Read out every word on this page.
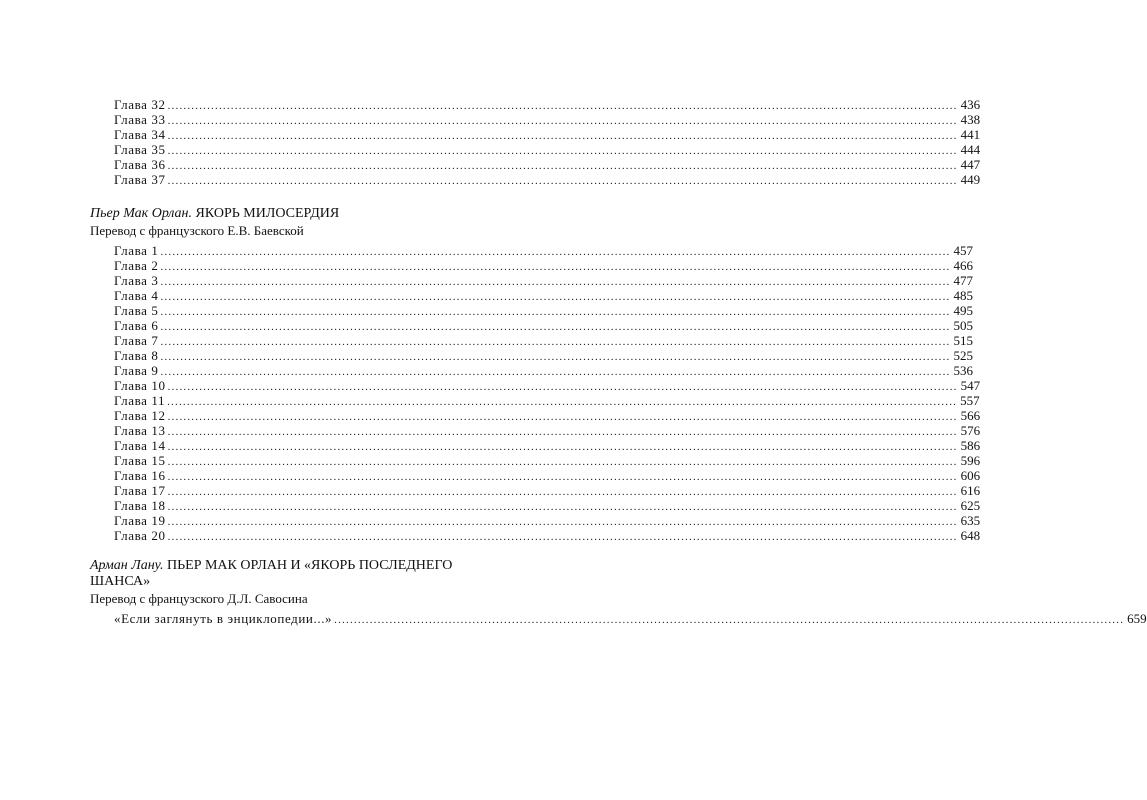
Глава 32 ........................................................................................................................................................................................................ 436
Глава 33 ........................................................................................................................................................................................................ 438
Глава 34 ........................................................................................................................................................................................................ 441
Глава 35 ........................................................................................................................................................................................................ 444
Глава 36 ........................................................................................................................................................................................................ 447
Глава 37 ........................................................................................................................................................................................................ 449
Пьер Мак Орлан. ЯКОРЬ МИЛОСЕРДИЯ
Перевод с французского Е.В. Баевской
Глава 1 ........................................................................................................................................................................................................ 457
Глава 2 ........................................................................................................................................................................................................ 466
Глава 3 ........................................................................................................................................................................................................ 477
Глава 4 ........................................................................................................................................................................................................ 485
Глава 5 ........................................................................................................................................................................................................ 495
Глава 6 ........................................................................................................................................................................................................ 505
Глава 7 ........................................................................................................................................................................................................ 515
Глава 8 ........................................................................................................................................................................................................ 525
Глава 9 ........................................................................................................................................................................................................ 536
Глава 10 ........................................................................................................................................................................................................ 547
Глава 11 ........................................................................................................................................................................................................ 557
Глава 12 ........................................................................................................................................................................................................ 566
Глава 13 ........................................................................................................................................................................................................ 576
Глава 14 ........................................................................................................................................................................................................ 586
Глава 15 ........................................................................................................................................................................................................ 596
Глава 16 ........................................................................................................................................................................................................ 606
Глава 17 ........................................................................................................................................................................................................ 616
Глава 18 ........................................................................................................................................................................................................ 625
Глава 19 ........................................................................................................................................................................................................ 635
Глава 20 ........................................................................................................................................................................................................ 648
Арман Лану. ПЬЕР МАК ОРЛАН И «ЯКОРЬ ПОСЛЕДНЕГО
ШАНСА»
Перевод с французского Д.Л. Савосина
«Если заглянуть в энциклопедии...» ........................................................................................................................................................................................................ 659
